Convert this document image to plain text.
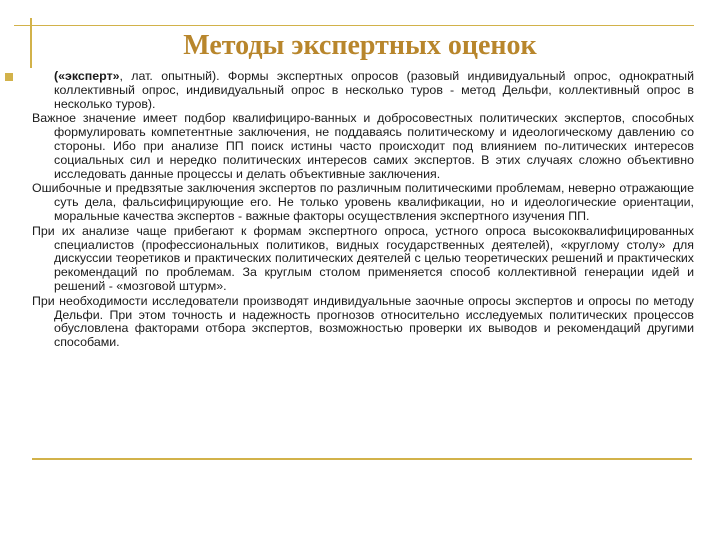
Методы экспертных оценок

(«эксперт», лат. опытный). Формы экспертных опросов (разовый индивидуальный опрос, однократный коллективный опрос, индивидуальный опрос в несколько туров - метод Дельфи, коллективный опрос в несколько туров).

Важное значение имеет подбор квалифициро-ванных и добросовестных политических экспертов, способных формулировать компетентные заключения, не поддаваясь политическому и идеологическому давлению со стороны. Ибо при анализе ПП поиск истины часто происходит под влиянием по-литических интересов социальных сил и нередко политических интересов самих экспертов. В этих случаях сложно объективно исследовать данные процессы и делать объективные заключения.

Ошибочные и предвзятые заключения экспертов по различным политическими проблемам, неверно отражающие суть дела, фальсифицирующие его. Не только уровень квалификации, но и идеологические ориентации, моральные качества экспертов - важные факторы осуществления экспертного изучения ПП.

При их анализе чаще прибегают к формам экспертного опроса, устного опроса высококвалифицированных специалистов (профессиональных политиков, видных государственных деятелей), «круглому столу» для дискуссии теоретиков и практических политических деятелей с целью теоретических решений и практических рекомендаций по проблемам. За круглым столом применяется способ коллективной генерации идей и решений - «мозговой штурм».

При необходимости исследователи производят индивидуальные заочные опросы экспертов и опросы по методу Дельфи. При этом точность и надежность прогнозов относительно исследуемых политических процессов обусловлена факторами отбора экспертов, возможностью проверки их выводов и рекомендаций другими способами.
